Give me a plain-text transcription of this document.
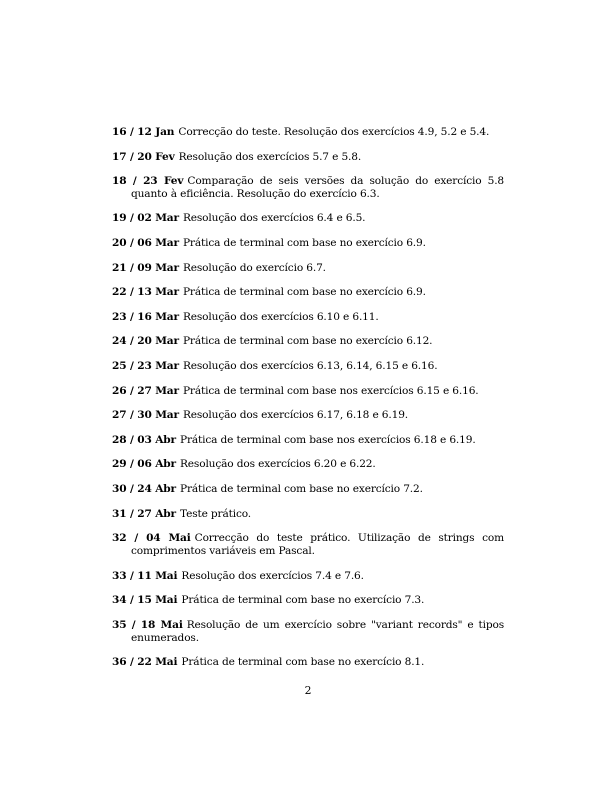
16 / 12 Jan Correcção do teste. Resolução dos exercícios 4.9, 5.2 e 5.4.
17 / 20 Fev Resolução dos exercícios 5.7 e 5.8.
18 / 23 Fev Comparação de seis versões da solução do exercício 5.8 quanto à eficiência. Resolução do exercício 6.3.
19 / 02 Mar Resolução dos exercícios 6.4 e 6.5.
20 / 06 Mar Prática de terminal com base no exercício 6.9.
21 / 09 Mar Resolução do exercício 6.7.
22 / 13 Mar Prática de terminal com base no exercício 6.9.
23 / 16 Mar Resolução dos exercícios 6.10 e 6.11.
24 / 20 Mar Prática de terminal com base no exercício 6.12.
25 / 23 Mar Resolução dos exercícios 6.13, 6.14, 6.15 e 6.16.
26 / 27 Mar Prática de terminal com base nos exercícios 6.15 e 6.16.
27 / 30 Mar Resolução dos exercícios 6.17, 6.18 e 6.19.
28 / 03 Abr Prática de terminal com base nos exercícios 6.18 e 6.19.
29 / 06 Abr Resolução dos exercícios 6.20 e 6.22.
30 / 24 Abr Prática de terminal com base no exercício 7.2.
31 / 27 Abr Teste prático.
32 / 04 Mai Correcção do teste prático. Utilização de strings com comprimentos variáveis em Pascal.
33 / 11 Mai Resolução dos exercícios 7.4 e 7.6.
34 / 15 Mai Prática de terminal com base no exercício 7.3.
35 / 18 Mai Resolução de um exercício sobre "variant records" e tipos enumerados.
36 / 22 Mai Prática de terminal com base no exercício 8.1.
2
